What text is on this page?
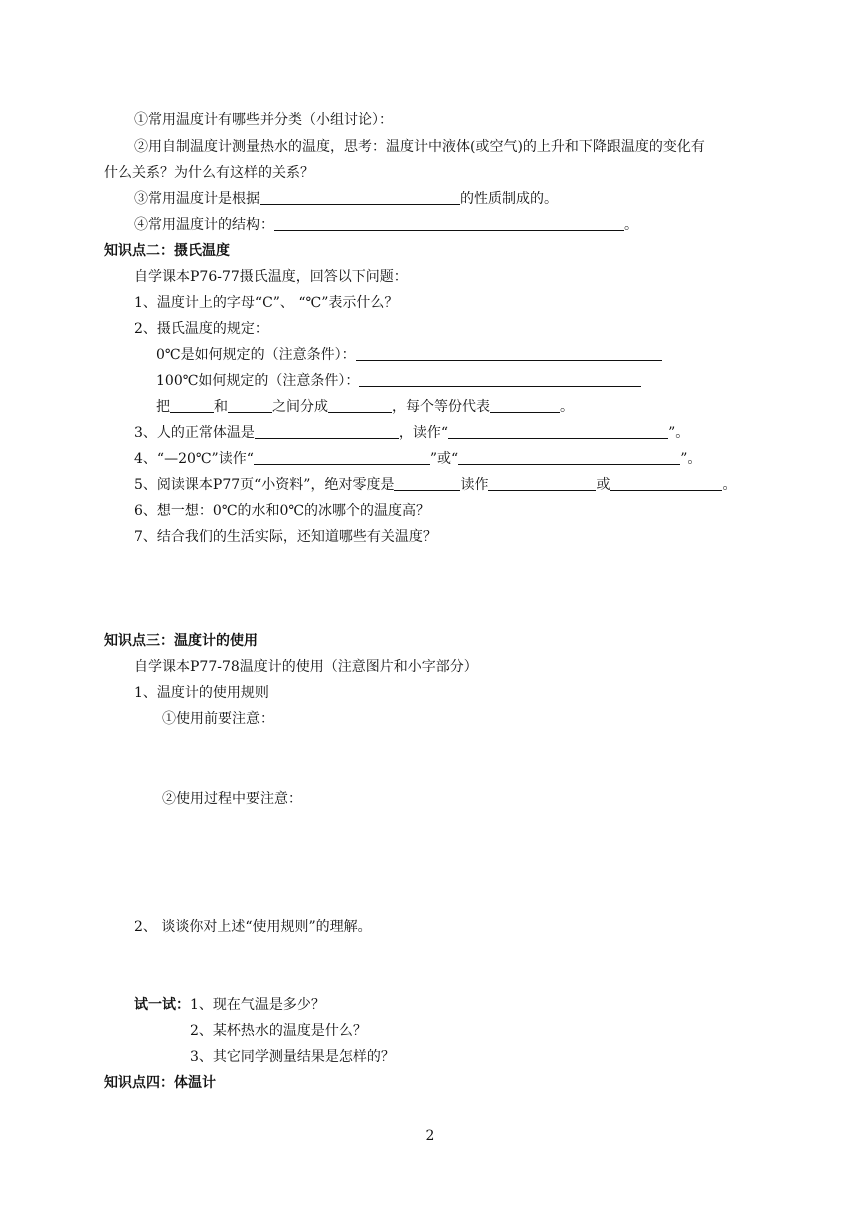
①常用温度计有哪些并分类（小组讨论）：
②用自制温度计测量热水的温度，思考：温度计中液体(或空气)的上升和下降跟温度的变化有
什么关系？为什么有这样的关系？
③常用温度计是根据	的性质制成的。
④常用温度计的结构：	。
知识点二：摄氏温度
自学课本P76-77摄氏温度，回答以下问题：
1、温度计上的字母“C”、 “℃”表示什么？
2、摄氏温度的规定：
0℃是如何规定的（注意条件）：
100℃如何规定的（注意条件）：
把	和	之间分成	，每个等份代表	。
3、人的正常体温是	，读作“	”。
4、“—20℃”读作“	”或“	”。
5、阅读课本P77页“小资料”，绝对零度是	读作	或	。
6、想一想：0℃的水和0℃的冰哪个的温度高？
7、结合我们的生活实际，还知道哪些有关温度？
知识点三：温度计的使用
自学课本P77-78温度计的使用（注意图片和小字部分）
1、温度计的使用规则
①使用前要注意：
②使用过程中要注意：
2、 谈谈你对上述“使用规则”的理解。
试一试：1、现在气温是多少？
2、某杯热水的温度是什么？
3、其它同学测量结果是怎样的？
知识点四：体温计
2
